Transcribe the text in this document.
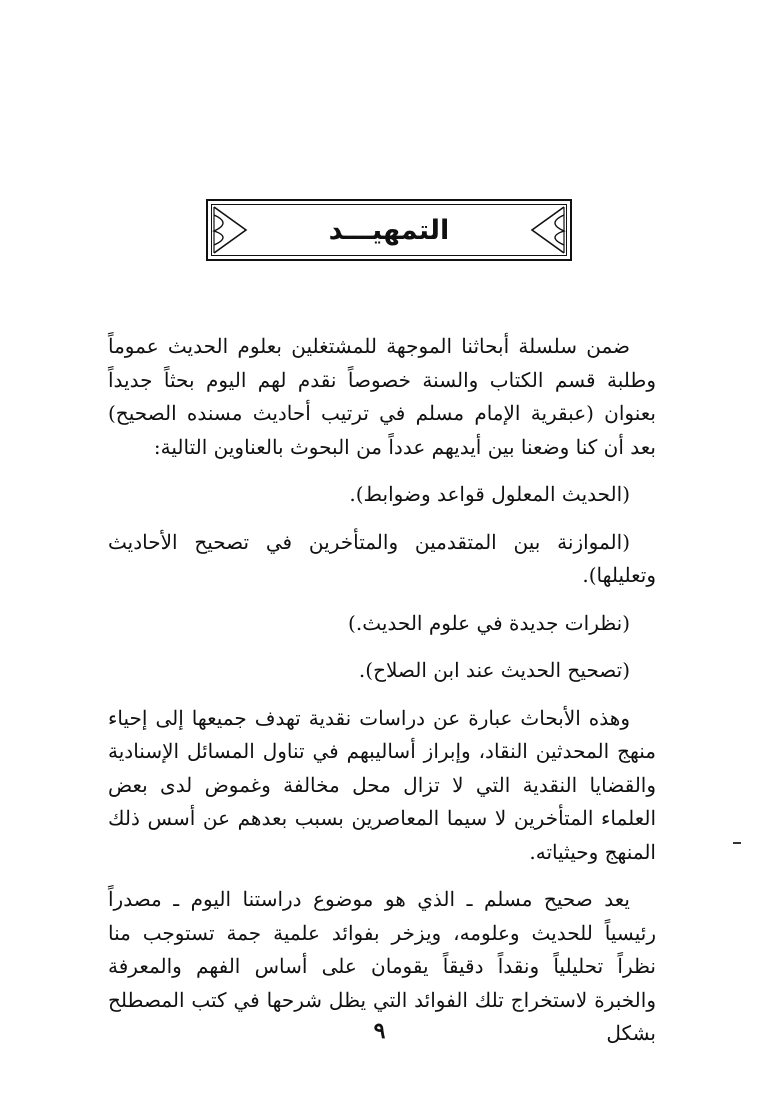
التمهيـــد

ضمن سلسلة أبحاثنا الموجهة للمشتغلين بعلوم الحديث عموماً وطلبة قسم الكتاب والسنة خصوصاً نقدم لهم اليوم بحثاً جديداً بعنوان (عبقرية الإمام مسلم في ترتيب أحاديث مسنده الصحيح) بعد أن كنا وضعنا بين أيديهم عدداً من البحوث بالعناوين التالية:

(الحديث المعلول قواعد وضوابط).

(الموازنة بين المتقدمين والمتأخرين في تصحيح الأحاديث وتعليلها).

(نظرات جديدة في علوم الحديث.)

(تصحيح الحديث عند ابن الصلاح).

وهذه الأبحاث عبارة عن دراسات نقدية تهدف جميعها إلى إحياء منهج المحدثين النقاد، وإبراز أساليبهم في تناول المسائل الإسنادية والقضايا النقدية التي لا تزال محل مخالفة وغموض لدى بعض العلماء المتأخرين لا سيما المعاصرين بسبب بعدهم عن أسس ذلك المنهج وحيثياته.

يعد صحيح مسلم ـ الذي هو موضوع دراستنا اليوم ـ مصدراً رئيسياً للحديث وعلومه، ويزخر بفوائد علمية جمة تستوجب منا نظراً تحليلياً ونقداً دقيقاً يقومان على أساس الفهم والمعرفة والخبرة لاستخراج تلك الفوائد التي يظل شرحها في كتب المصطلح بشكل

٩
